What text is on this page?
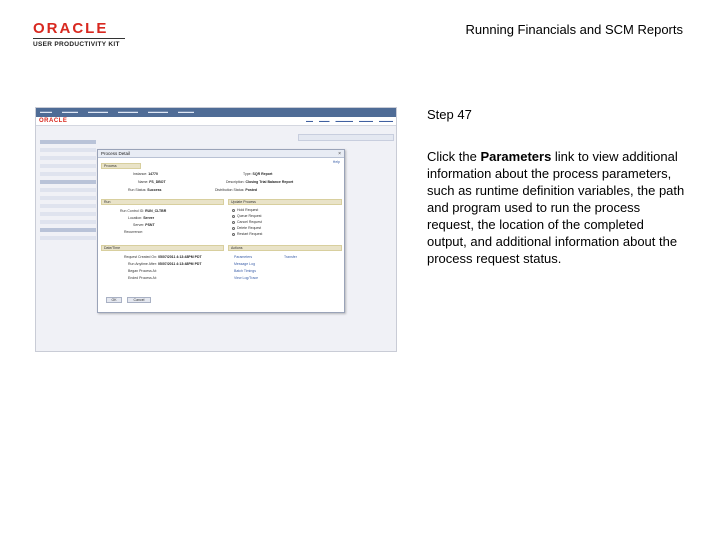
ORACLE
USER PRODUCTIVITY KIT
Running Financials and SCM Reports
▬▬▬	▬▬▬▬	▬▬▬▬▬	▬▬▬▬▬	▬▬▬▬▬	▬▬▬▬
ORACLE	▬▬ ▬▬▬ ▬▬▬▬▬ ▬▬▬▬ ▬▬▬▬
Process Detail	×
Help
Process
Instance: 14770	Type: SQR Report
Name: FS_DBOT	Description: Closing Trial Balance Report
Run Status: Success	Distribution Status: Posted
Run	Update Process
Run Control ID: RUN_CLTBR
Location: Server
Server: PSNT
Recurrence:
Hold Request
Queue Request
Cancel Request
Delete Request
Restart Request
Date/Time	Actions
Request Created On: 05/07/2011 4:13:48PM PDT
Run Anytime After: 05/07/2011 4:13:48PM PDT
Began Process At:
Ended Process At:
Parameters	Transfer
Message Log
Batch Timings
View Log/Trace
OK	Cancel
Step 47
Click the Parameters link to view additional information about the process parameters, such as runtime definition variables, the path and program used to run the process request, the location of the completed output, and additional information about the process request status.
